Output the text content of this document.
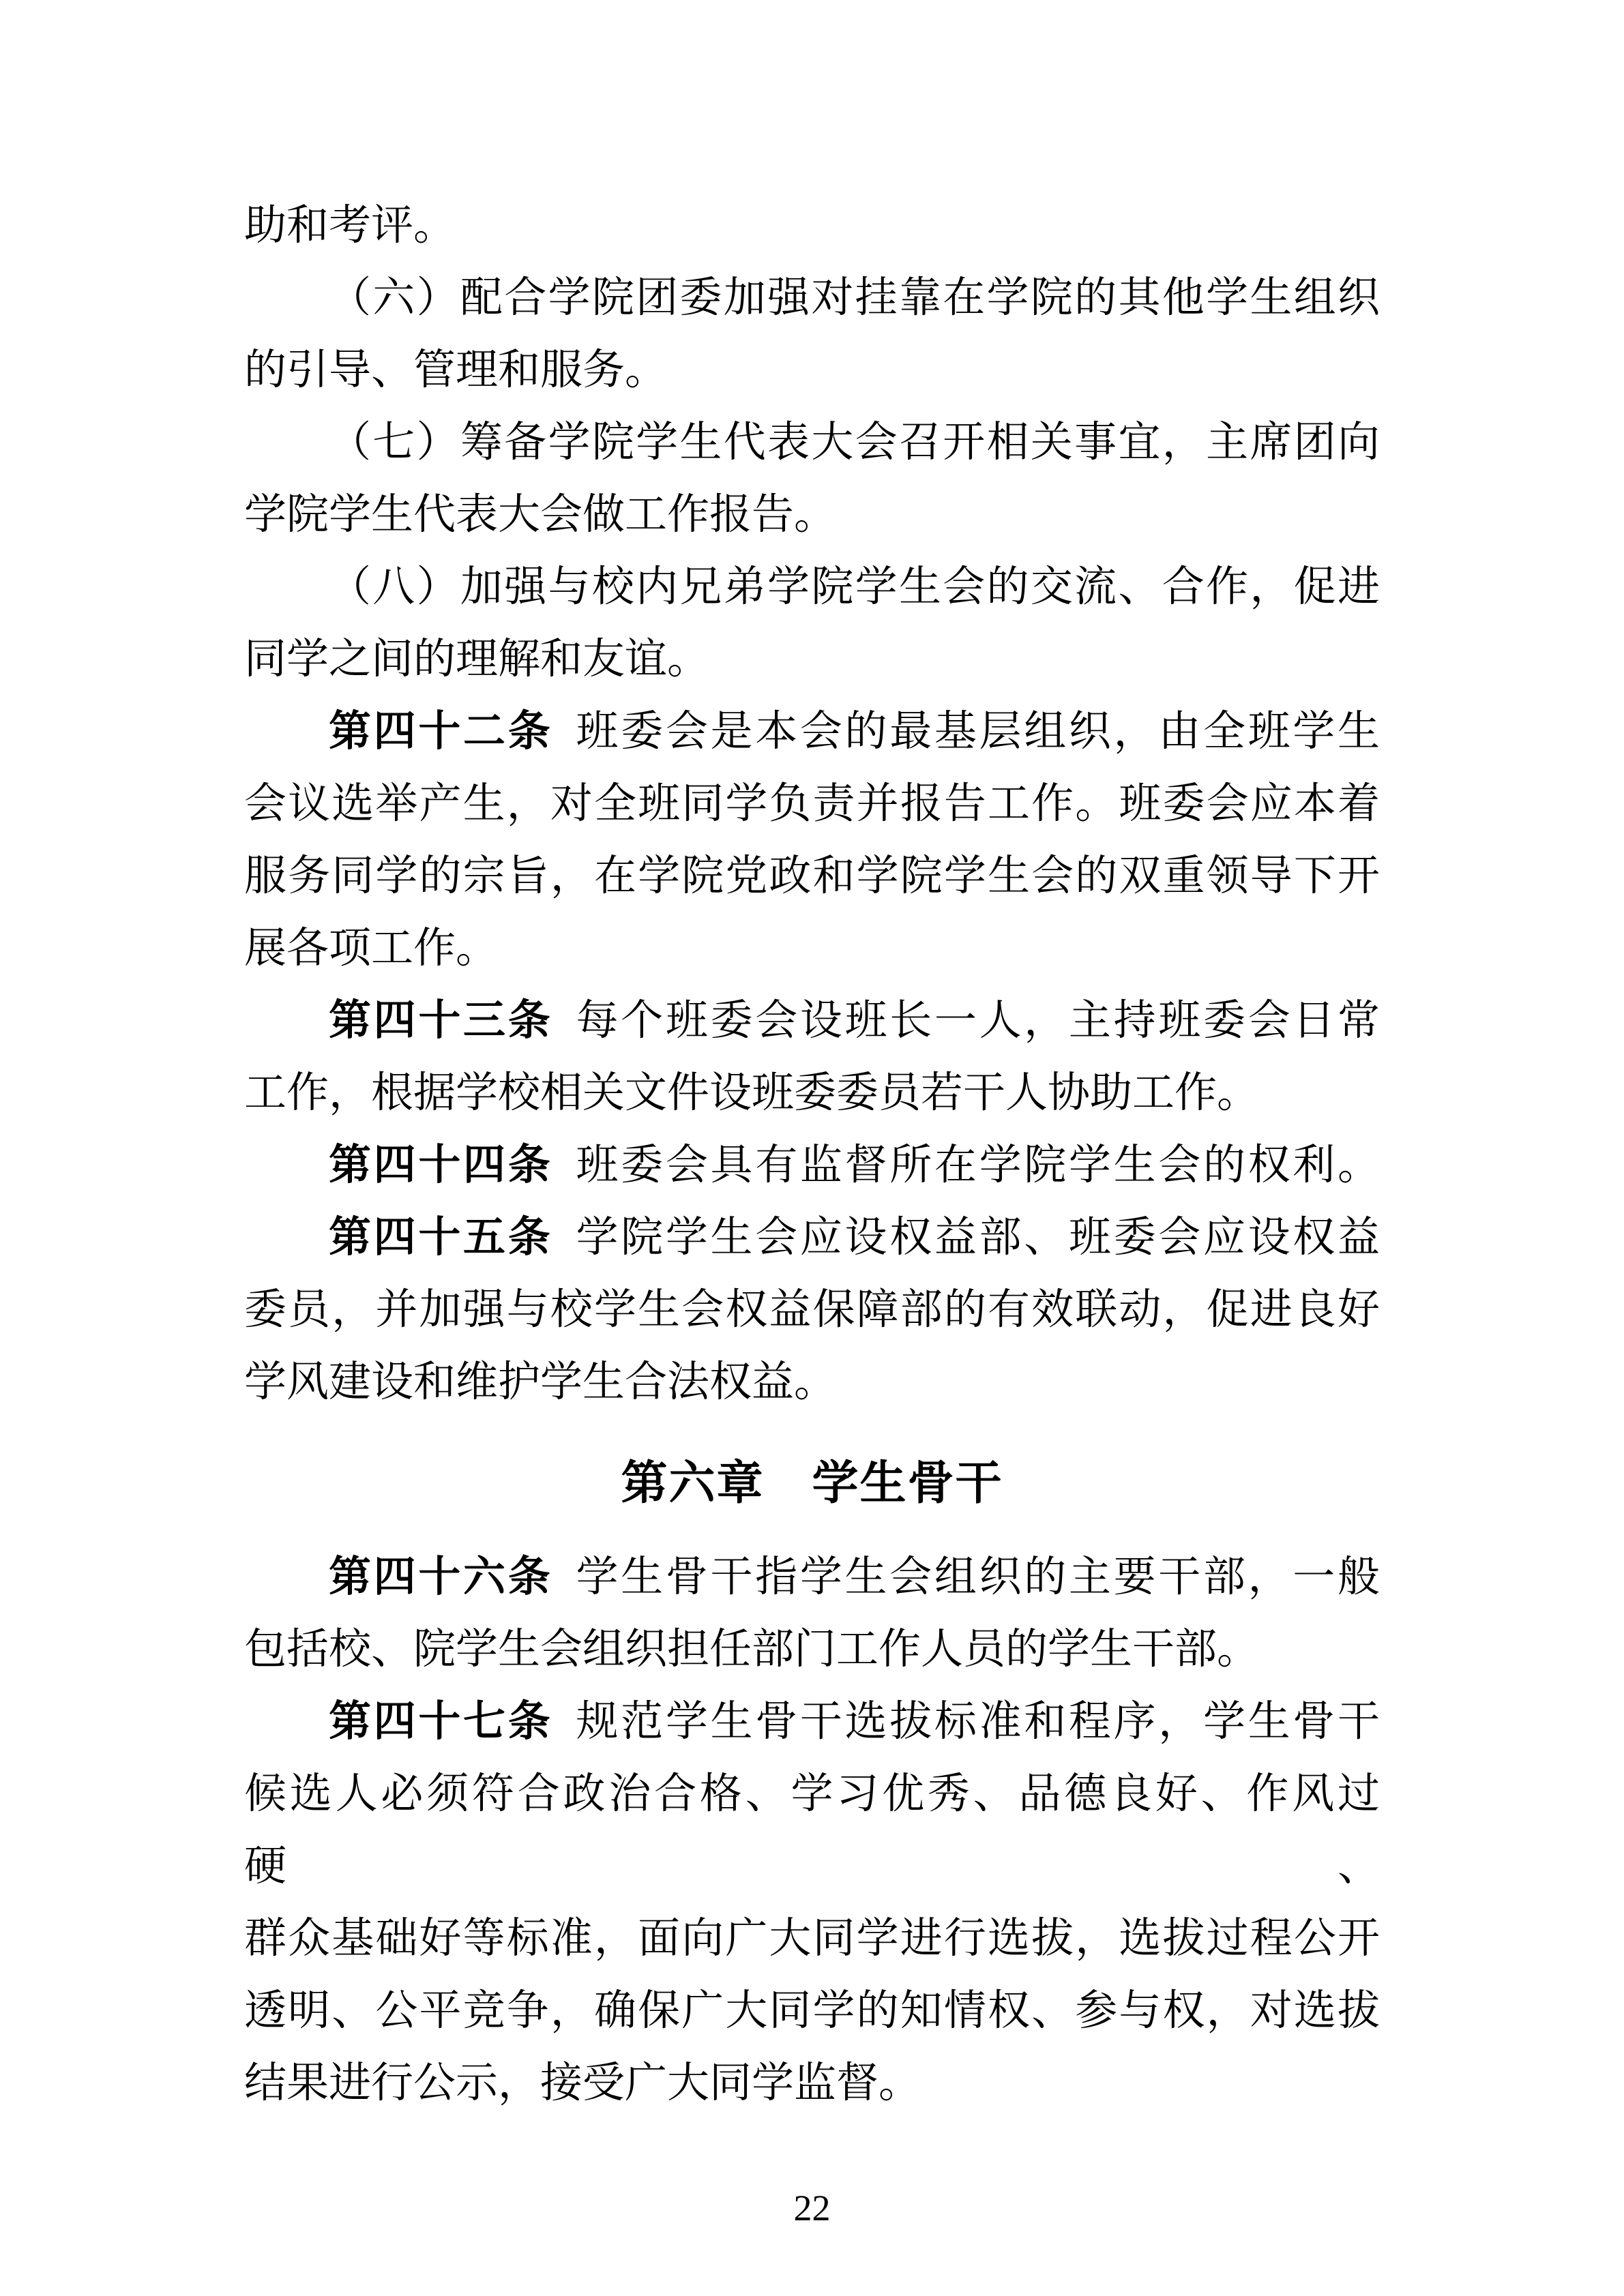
助和考评。
（六）配合学院团委加强对挂靠在学院的其他学生组织
的引导、管理和服务。
（七）筹备学院学生代表大会召开相关事宜，主席团向
学院学生代表大会做工作报告。
（八）加强与校内兄弟学院学生会的交流、合作，促进
同学之间的理解和友谊。
第四十二条 班委会是本会的最基层组织，由全班学生
会议选举产生，对全班同学负责并报告工作。班委会应本着
服务同学的宗旨，在学院党政和学院学生会的双重领导下开
展各项工作。
第四十三条 每个班委会设班长一人，主持班委会日常
工作，根据学校相关文件设班委委员若干人协助工作。
第四十四条 班委会具有监督所在学院学生会的权利。
第四十五条 学院学生会应设权益部、班委会应设权益
委员，并加强与校学生会权益保障部的有效联动，促进良好
学风建设和维护学生合法权益。
第六章　学生骨干
第四十六条 学生骨干指学生会组织的主要干部，一般
包括校、院学生会组织担任部门工作人员的学生干部。
第四十七条 规范学生骨干选拔标准和程序，学生骨干
候选人必须符合政治合格、学习优秀、品德良好、作风过硬、
群众基础好等标准，面向广大同学进行选拔，选拔过程公开
透明、公平竞争，确保广大同学的知情权、参与权，对选拔
结果进行公示，接受广大同学监督。
22
